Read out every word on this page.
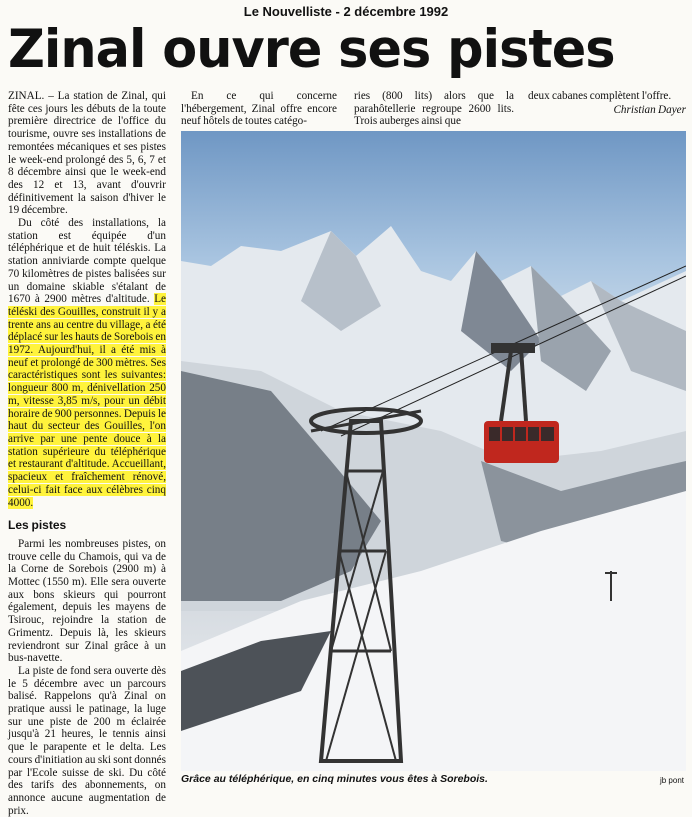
Le Nouvelliste - 2 décembre 1992
Zinal ouvre ses pistes

ZINAL. – La station de Zinal, qui fête ces jours les débuts de la toute première directrice de l'office du tourisme, ouvre ses installations de remontées mécaniques et ses pistes le week-end prolongé des 5, 6, 7 et 8 décembre ainsi que le week-end des 12 et 13, avant d'ouvrir définitivement la saison d'hiver le 19 décembre.

Du côté des installations, la station est équipée d'un téléphérique et de huit téléskis. La station anniviarde compte quelque 70 kilomètres de pistes balisées sur un domaine skiable s'étalant de 1670 à 2900 mètres d'altitude. Le téléski des Gouilles, construit il y a trente ans au centre du village, a été déplacé sur les hauts de Sorebois en 1972. Aujourd'hui, il a été mis à neuf et prolongé de 300 mètres. Ses caractéristiques sont les suivantes: longueur 800 m, dénivellation 250 m, vitesse 3,85 m/s, pour un débit horaire de 900 personnes. Depuis le haut du secteur des Gouilles, l'on arrive par une pente douce à la station supérieure du téléphérique et restaurant d'altitude. Accueillant, spacieux et fraîchement rénové, celui-ci fait face aux célèbres cinq 4000.

Les pistes

Parmi les nombreuses pistes, on trouve celle du Chamois, qui va de la Corne de Sorebois (2900 m) à Mottec (1550 m). Elle sera ouverte aux bons skieurs qui pourront également, depuis les mayens de Tsirouc, rejoindre la station de Grimentz. Depuis là, les skieurs reviendront sur Zinal grâce à un bus-navette.

La piste de fond sera ouverte dès le 5 décembre avec un parcours balisé. Rappelons qu'à Zinal on pratique aussi le patinage, la luge sur une piste de 200 m éclairée jusqu'à 21 heures, le tennis ainsi que le parapente et le delta. Les cours d'initiation au ski sont donnés par l'Ecole suisse de ski. Du côté des tarifs des abonnements, on annonce aucune augmentation de prix.

En ce qui concerne l'hébergement, Zinal offre encore neuf hôtels de toutes catégo-

ries (800 lits) alors que la parahôtellerie regroupe 2600 lits. Trois auberges ainsi que

deux cabanes complètent l'offre.

Christian Dayer
Grâce au téléphérique, en cinq minutes vous êtes à Sorebois.	jb pont
